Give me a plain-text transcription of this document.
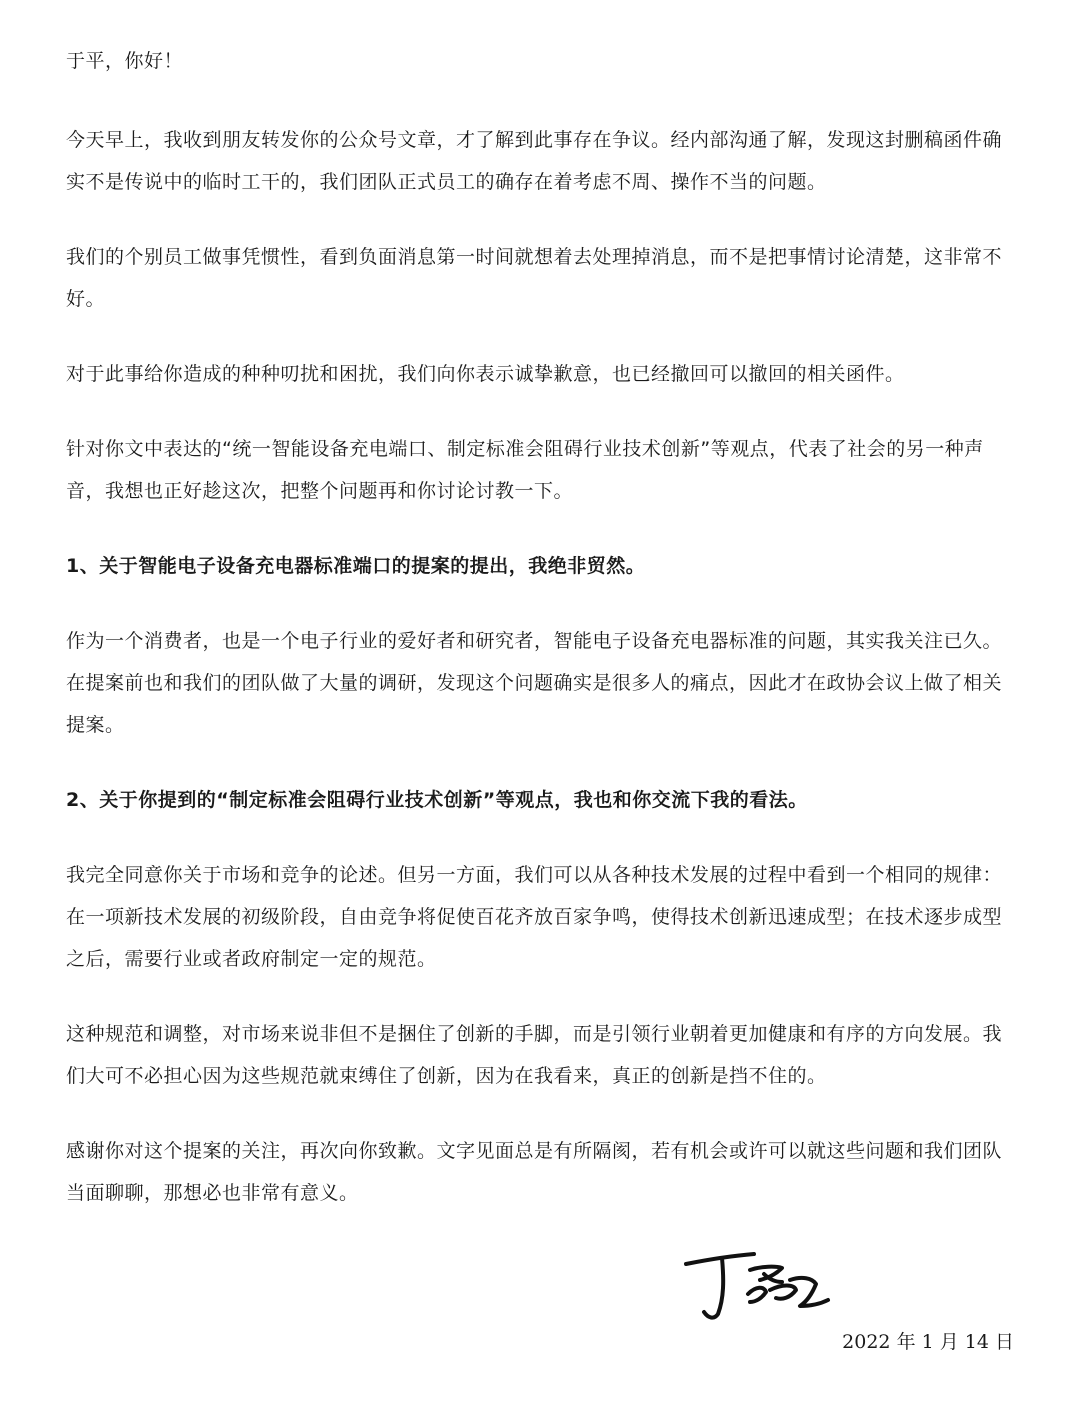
于平，你好！

今天早上，我收到朋友转发你的公众号文章，才了解到此事存在争议。经内部沟通了解，发现这封删稿函件确实不是传说中的临时工干的，我们团队正式员工的确存在着考虑不周、操作不当的问题。

我们的个别员工做事凭惯性，看到负面消息第一时间就想着去处理掉消息，而不是把事情讨论清楚，这非常不好。

对于此事给你造成的种种叨扰和困扰，我们向你表示诚挚歉意，也已经撤回可以撤回的相关函件。

针对你文中表达的“统一智能设备充电端口、制定标准会阻碍行业技术创新”等观点，代表了社会的另一种声音，我想也正好趁这次，把整个问题再和你讨论讨教一下。

1、关于智能电子设备充电器标准端口的提案的提出，我绝非贸然。

作为一个消费者，也是一个电子行业的爱好者和研究者，智能电子设备充电器标准的问题，其实我关注已久。在提案前也和我们的团队做了大量的调研，发现这个问题确实是很多人的痛点，因此才在政协会议上做了相关提案。

2、关于你提到的“制定标准会阻碍行业技术创新”等观点，我也和你交流下我的看法。

我完全同意你关于市场和竞争的论述。但另一方面，我们可以从各种技术发展的过程中看到一个相同的规律：在一项新技术发展的初级阶段，自由竞争将促使百花齐放百家争鸣，使得技术创新迅速成型；在技术逐步成型之后，需要行业或者政府制定一定的规范。

这种规范和调整，对市场来说非但不是捆住了创新的手脚，而是引领行业朝着更加健康和有序的方向发展。我们大可不必担心因为这些规范就束缚住了创新，因为在我看来，真正的创新是挡不住的。

感谢你对这个提案的关注，再次向你致歉。文字见面总是有所隔阂，若有机会或许可以就这些问题和我们团队当面聊聊，那想必也非常有意义。

2022 年 1 月 14 日
